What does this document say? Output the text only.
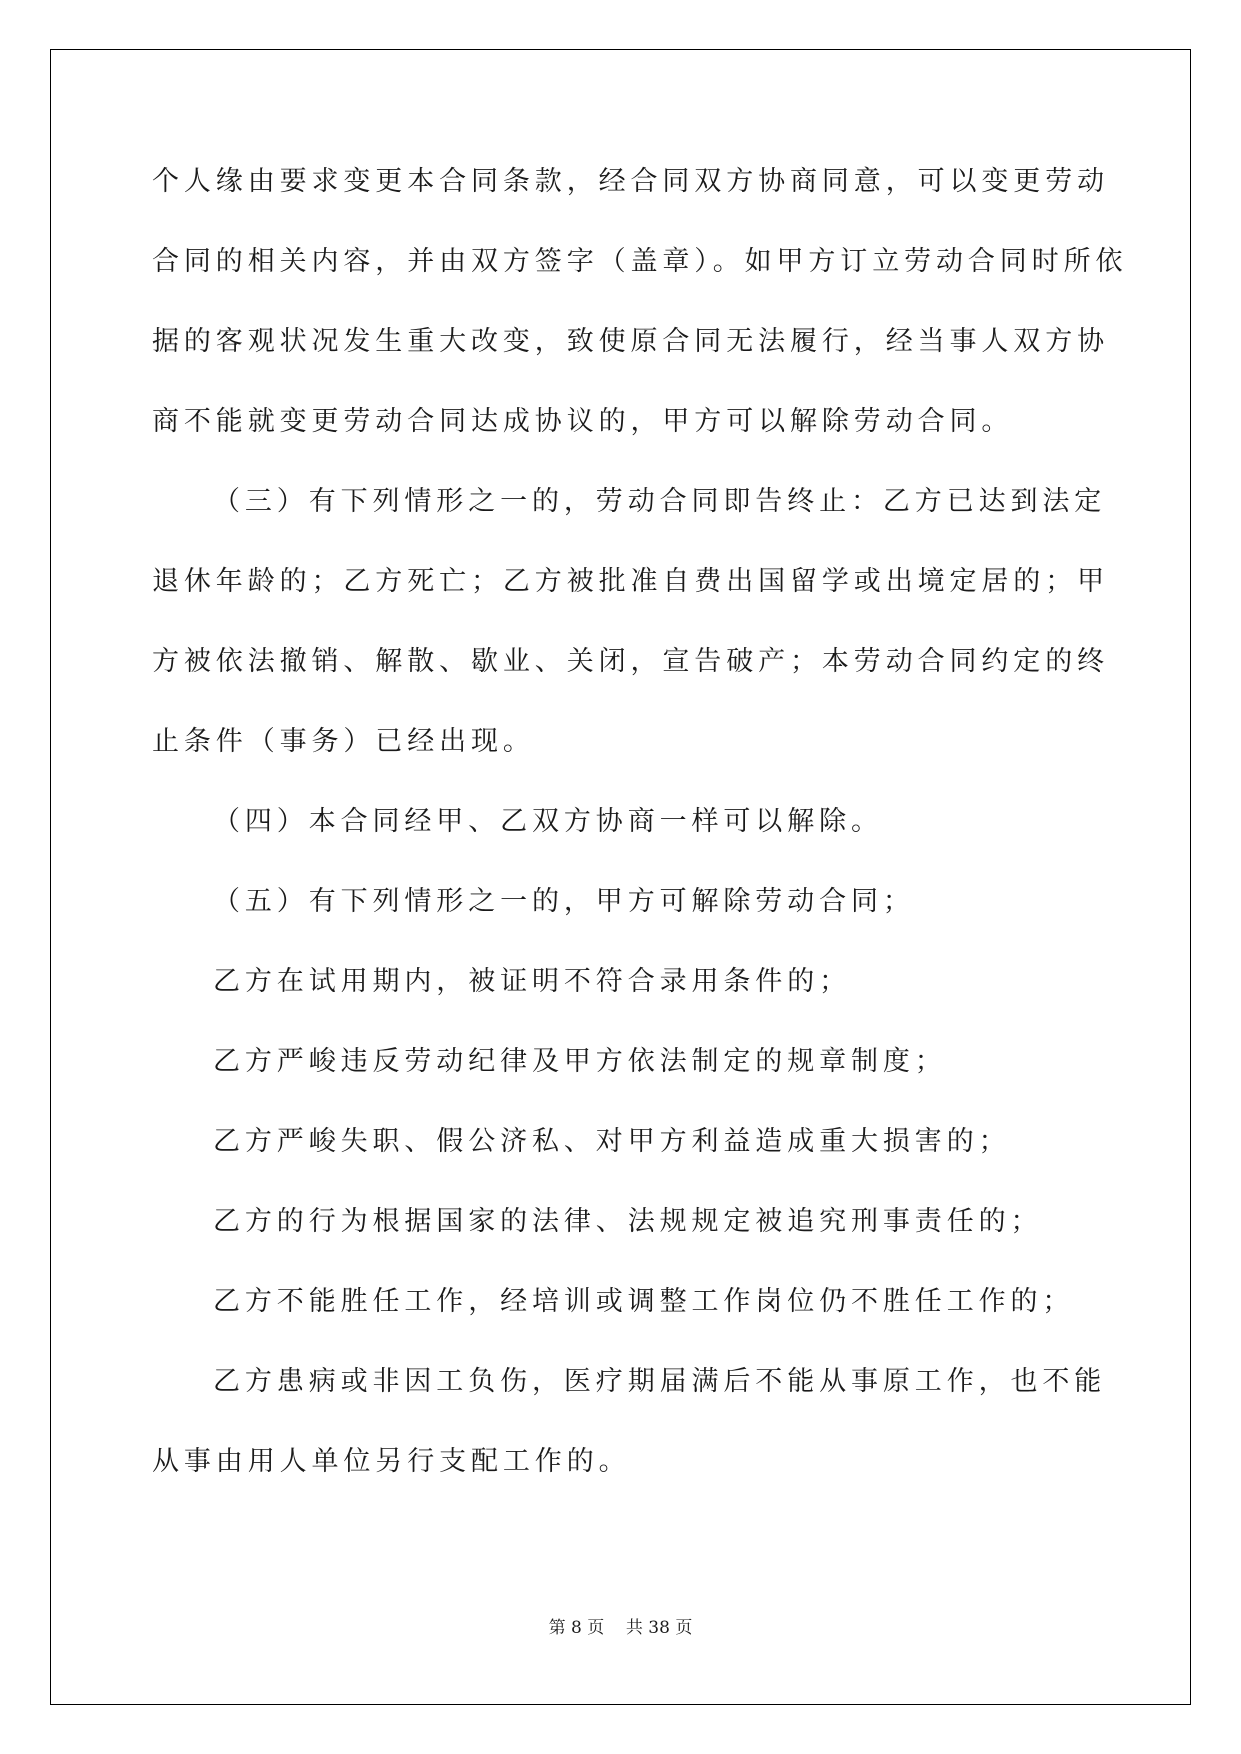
个人缘由要求变更本合同条款，经合同双方协商同意，可以变更劳动
合同的相关内容，并由双方签字（盖章）。如甲方订立劳动合同时所依
据的客观状况发生重大改变，致使原合同无法履行，经当事人双方协
商不能就变更劳动合同达成协议的，甲方可以解除劳动合同。
（三）有下列情形之一的，劳动合同即告终止：乙方已达到法定
退休年龄的；乙方死亡；乙方被批准自费出国留学或出境定居的；甲
方被依法撤销、解散、歇业、关闭，宣告破产；本劳动合同约定的终
止条件（事务）已经出现。
（四）本合同经甲、乙双方协商一样可以解除。
（五）有下列情形之一的，甲方可解除劳动合同；
乙方在试用期内，被证明不符合录用条件的；
乙方严峻违反劳动纪律及甲方依法制定的规章制度；
乙方严峻失职、假公济私、对甲方利益造成重大损害的；
乙方的行为根据国家的法律、法规规定被追究刑事责任的；
乙方不能胜任工作，经培训或调整工作岗位仍不胜任工作的；
乙方患病或非因工负伤，医疗期届满后不能从事原工作，也不能
从事由用人单位另行支配工作的。
第 8 页 共 38 页
